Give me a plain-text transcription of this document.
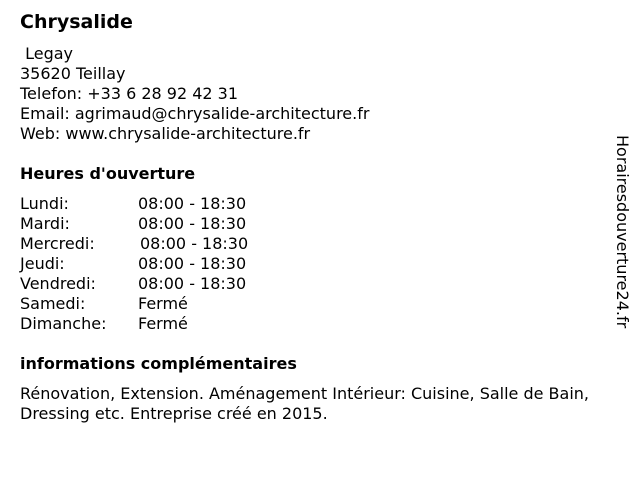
Chrysalide
Legay
35620 Teillay
Telefon: +33 6 28 92 42 31
Email: agrimaud@chrysalide-architecture.fr
Web: www.chrysalide-architecture.fr
Heures d'ouverture
Lundi:	08:00 - 18:30
Mardi:	08:00 - 18:30
Mercredi:	08:00 - 18:30
Jeudi:	08:00 - 18:30
Vendredi:	08:00 - 18:30
Samedi:	Fermé
Dimanche: Fermé
informations complémentaires
Rénovation, Extension. Aménagement Intérieur: Cuisine, Salle de Bain, Dressing etc. Entreprise créé en 2015.
Horairesdouverture24.fr
